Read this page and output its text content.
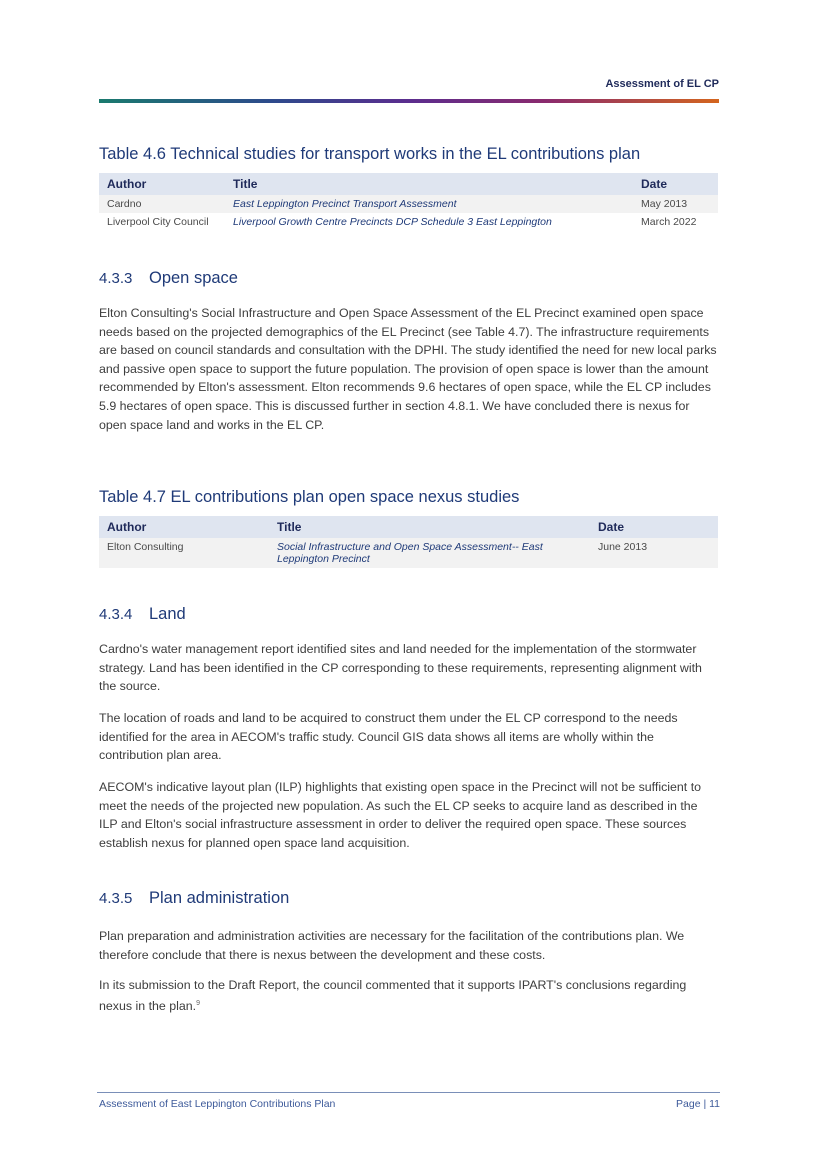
Assessment of EL CP
Table 4.6 Technical studies for transport works in the EL contributions plan
Author	Title	Date
Cardno	East Leppington Precinct Transport Assessment	May 2013
Liverpool City Council	Liverpool Growth Centre Precincts DCP Schedule 3 East Leppington	March 2022
4.3.3 Open space
Elton Consulting's Social Infrastructure and Open Space Assessment of the EL Precinct examined open space needs based on the projected demographics of the EL Precinct (see Table 4.7). The infrastructure requirements are based on council standards and consultation with the DPHI. The study identified the need for new local parks and passive open space to support the future population. The provision of open space is lower than the amount recommended by Elton's assessment. Elton recommends 9.6 hectares of open space, while the EL CP includes 5.9 hectares of open space. This is discussed further in section 4.8.1. We have concluded there is nexus for open space land and works in the EL CP.
Table 4.7 EL contributions plan open space nexus studies
Author	Title	Date
Elton Consulting	Social Infrastructure and Open Space Assessment-- East Leppington Precinct	June 2013
4.3.4 Land
Cardno's water management report identified sites and land needed for the implementation of the stormwater strategy. Land has been identified in the CP corresponding to these requirements, representing alignment with the source.
The location of roads and land to be acquired to construct them under the EL CP correspond to the needs identified for the area in AECOM's traffic study. Council GIS data shows all items are wholly within the contribution plan area.
AECOM's indicative layout plan (ILP) highlights that existing open space in the Precinct will not be sufficient to meet the needs of the projected new population. As such the EL CP seeks to acquire land as described in the ILP and Elton's social infrastructure assessment in order to deliver the required open space. These sources establish nexus for planned open space land acquisition.
4.3.5 Plan administration
Plan preparation and administration activities are necessary for the facilitation of the contributions plan. We therefore conclude that there is nexus between the development and these costs.
In its submission to the Draft Report, the council commented that it supports IPART's conclusions regarding nexus in the plan.$^9$
Assessment of East Leppington Contributions Plan	Page | 11
